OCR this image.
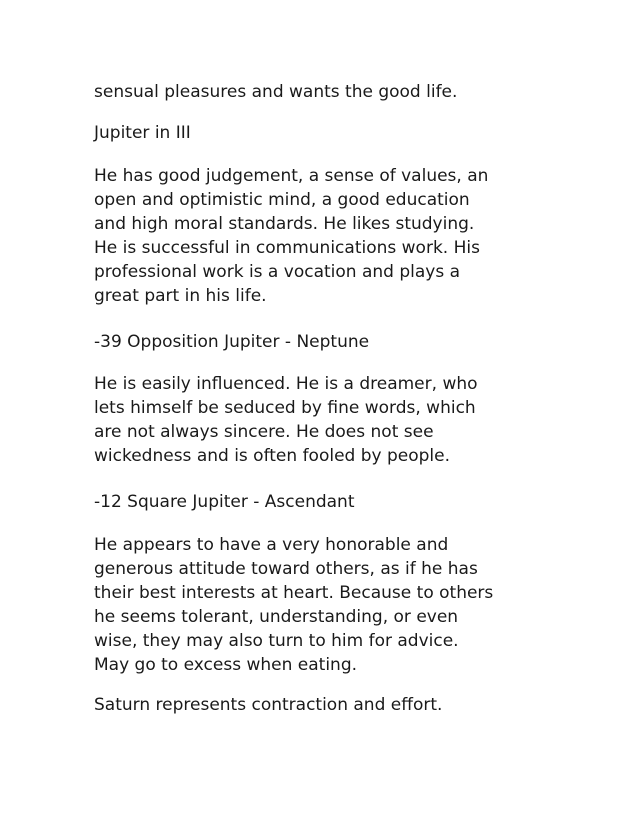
sensual pleasures and wants the good life.

Jupiter in III

He has good judgement, a sense of values, an
open and optimistic mind, a good education
and high moral standards. He likes studying.
He is successful in communications work. His
professional work is a vocation and plays a
great part in his life.

-39 Opposition Jupiter - Neptune

He is easily influenced. He is a dreamer, who
lets himself be seduced by fine words, which
are not always sincere. He does not see
wickedness and is often fooled by people.

-12 Square Jupiter - Ascendant

He appears to have a very honorable and
generous attitude toward others, as if he has
their best interests at heart. Because to others
he seems tolerant, understanding, or even
wise, they may also turn to him for advice.
May go to excess when eating.

Saturn represents contraction and effort.
